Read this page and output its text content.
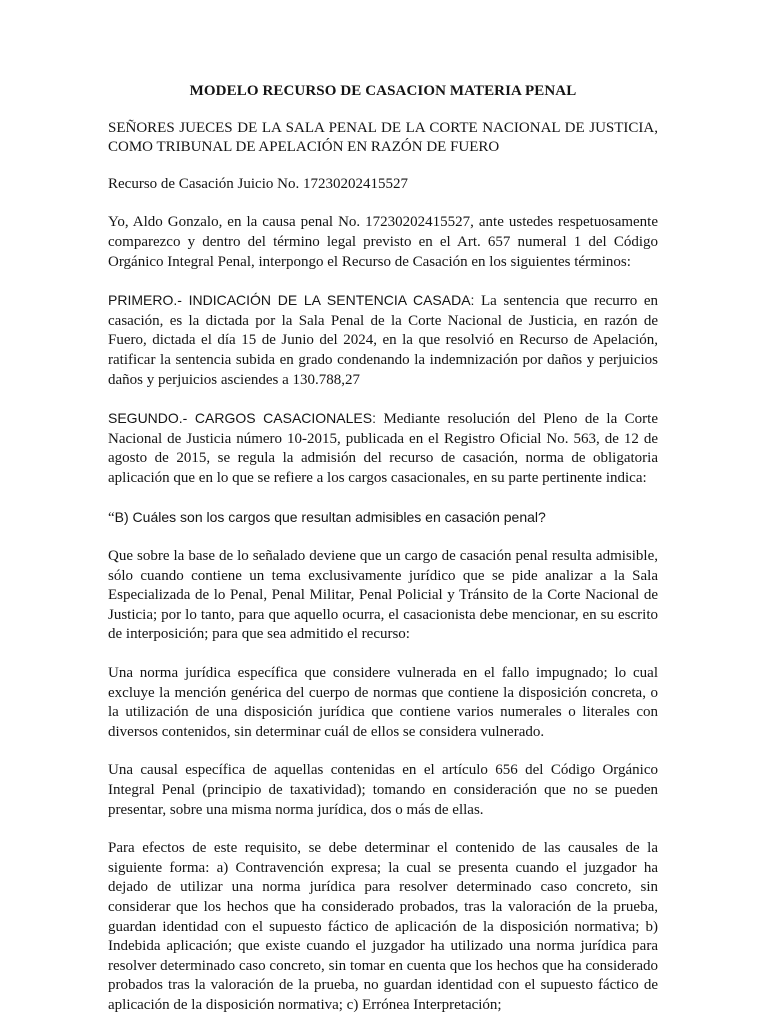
MODELO RECURSO DE CASACION MATERIA PENAL

SEÑORES JUECES DE LA SALA PENAL DE LA CORTE NACIONAL DE JUSTICIA, COMO TRIBUNAL DE APELACIÓN EN RAZÓN DE FUERO

Recurso de Casación Juicio No. 17230202415527

Yo, Aldo Gonzalo, en la causa penal No. 17230202415527, ante ustedes respetuosamente comparezco y dentro del término legal previsto en el Art. 657 numeral 1 del Código Orgánico Integral Penal, interpongo el Recurso de Casación en los siguientes términos:

PRIMERO.- INDICACIÓN DE LA SENTENCIA CASADA: La sentencia que recurro en casación, es la dictada por la Sala Penal de la Corte Nacional de Justicia, en razón de Fuero, dictada el día 15 de Junio del 2024, en la que resolvió en Recurso de Apelación, ratificar la sentencia subida en grado condenando la indemnización por daños y perjuicios daños y perjuicios asciendes a 130.788,27

SEGUNDO.- CARGOS CASACIONALES: Mediante resolución del Pleno de la Corte Nacional de Justicia número 10-2015, publicada en el Registro Oficial No. 563, de 12 de agosto de 2015, se regula la admisión del recurso de casación, norma de obligatoria aplicación que en lo que se refiere a los cargos casacionales, en su parte pertinente indica:

“B) Cuáles son los cargos que resultan admisibles en casación penal?

Que sobre la base de lo señalado deviene que un cargo de casación penal resulta admisible, sólo cuando contiene un tema exclusivamente jurídico que se pide analizar a la Sala Especializada de lo Penal, Penal Militar, Penal Policial y Tránsito de la Corte Nacional de Justicia; por lo tanto, para que aquello ocurra, el casacionista debe mencionar, en su escrito de interposición; para que sea admitido el recurso:

Una norma jurídica específica que considere vulnerada en el fallo impugnado; lo cual excluye la mención genérica del cuerpo de normas que contiene la disposición concreta, o la utilización de una disposición jurídica que contiene varios numerales o literales con diversos contenidos, sin determinar cuál de ellos se considera vulnerado.

Una causal específica de aquellas contenidas en el artículo 656 del Código Orgánico Integral Penal (principio de taxatividad); tomando en consideración que no se pueden presentar, sobre una misma norma jurídica, dos o más de ellas.

Para efectos de este requisito, se debe determinar el contenido de las causales de la siguiente forma: a) Contravención expresa; la cual se presenta cuando el juzgador ha dejado de utilizar una norma jurídica para resolver determinado caso concreto, sin considerar que los hechos que ha considerado probados, tras la valoración de la prueba, guardan identidad con el supuesto fáctico de aplicación de la disposición normativa; b) Indebida aplicación; que existe cuando el juzgador ha utilizado una norma jurídica para resolver determinado caso concreto, sin tomar en cuenta que los hechos que ha considerado probados tras la valoración de la prueba, no guardan identidad con el supuesto fáctico de aplicación de la disposición normativa; c) Errónea Interpretación;
